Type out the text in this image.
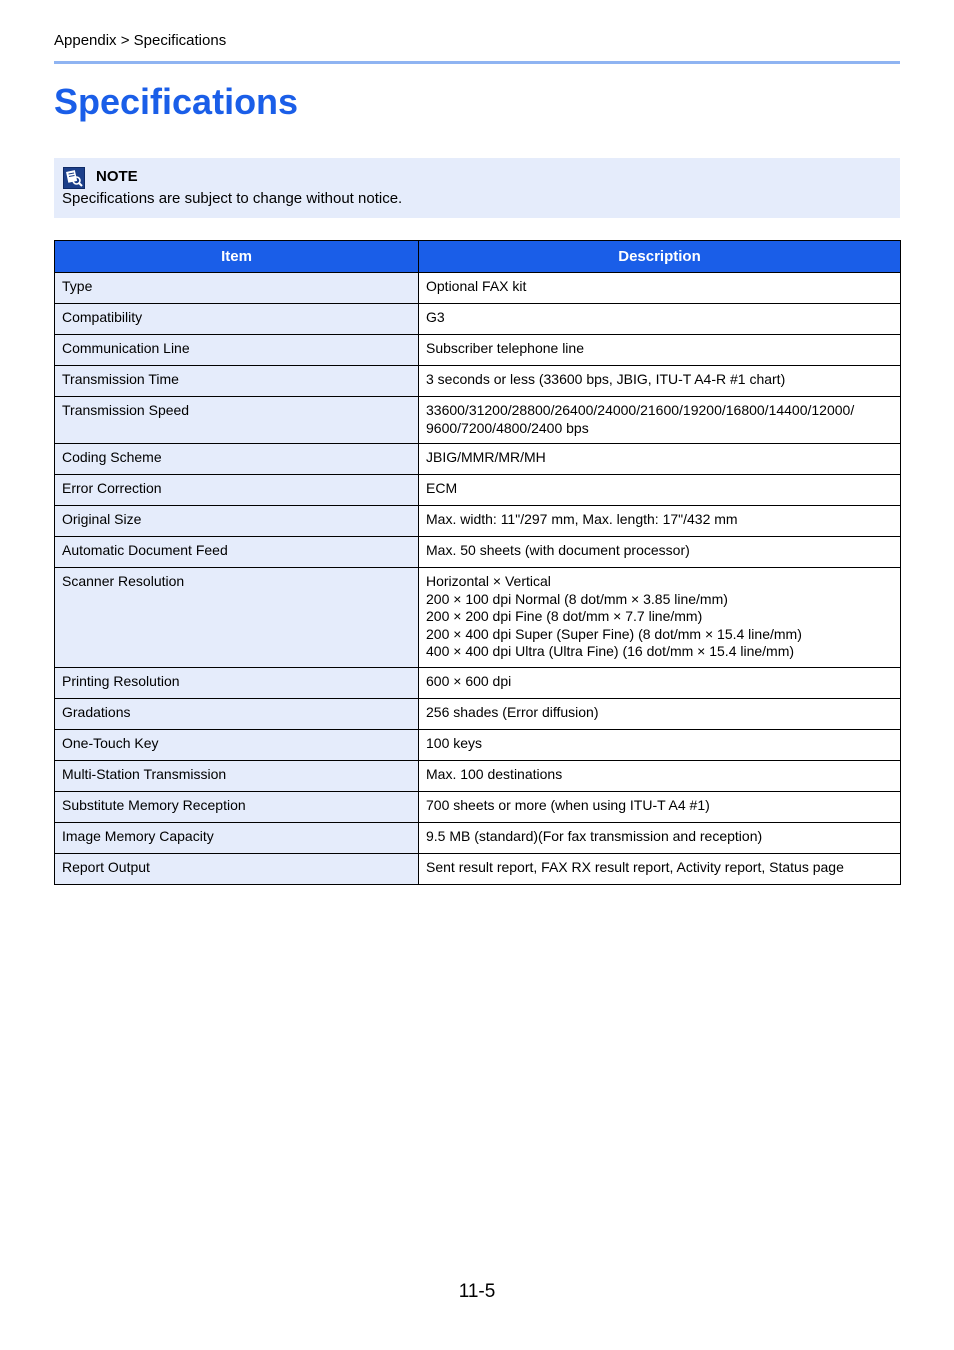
Appendix > Specifications
Specifications
NOTE
Specifications are subject to change without notice.
Item	Description
Type	Optional FAX kit

Compatibility	G3

Communication Line	Subscriber telephone line

Transmission Time	3 seconds or less (33600 bps, JBIG, ITU-T A4-R #1 chart)

Transmission Speed	33600/31200/28800/26400/24000/21600/19200/16800/14400/12000/
9600/7200/4800/2400 bps

Coding Scheme	JBIG/MMR/MR/MH

Error Correction	ECM

Original Size	Max. width: 11"/297 mm, Max. length: 17"/432 mm

Automatic Document Feed	Max. 50 sheets (with document processor)

Scanner Resolution	Horizontal × Vertical
200 × 100 dpi Normal (8 dot/mm × 3.85 line/mm)
200 × 200 dpi Fine (8 dot/mm × 7.7 line/mm)
200 × 400 dpi Super (Super Fine) (8 dot/mm × 15.4 line/mm)
400 × 400 dpi Ultra (Ultra Fine) (16 dot/mm × 15.4 line/mm)

Printing Resolution	600 × 600 dpi

Gradations	256 shades (Error diffusion)

One-Touch Key	100 keys

Multi-Station Transmission	Max. 100 destinations

Substitute Memory Reception	700 sheets or more (when using ITU-T A4 #1)

Image Memory Capacity	9.5 MB (standard)(For fax transmission and reception)

Report Output	Sent result report, FAX RX result report, Activity report, Status page
11-5
